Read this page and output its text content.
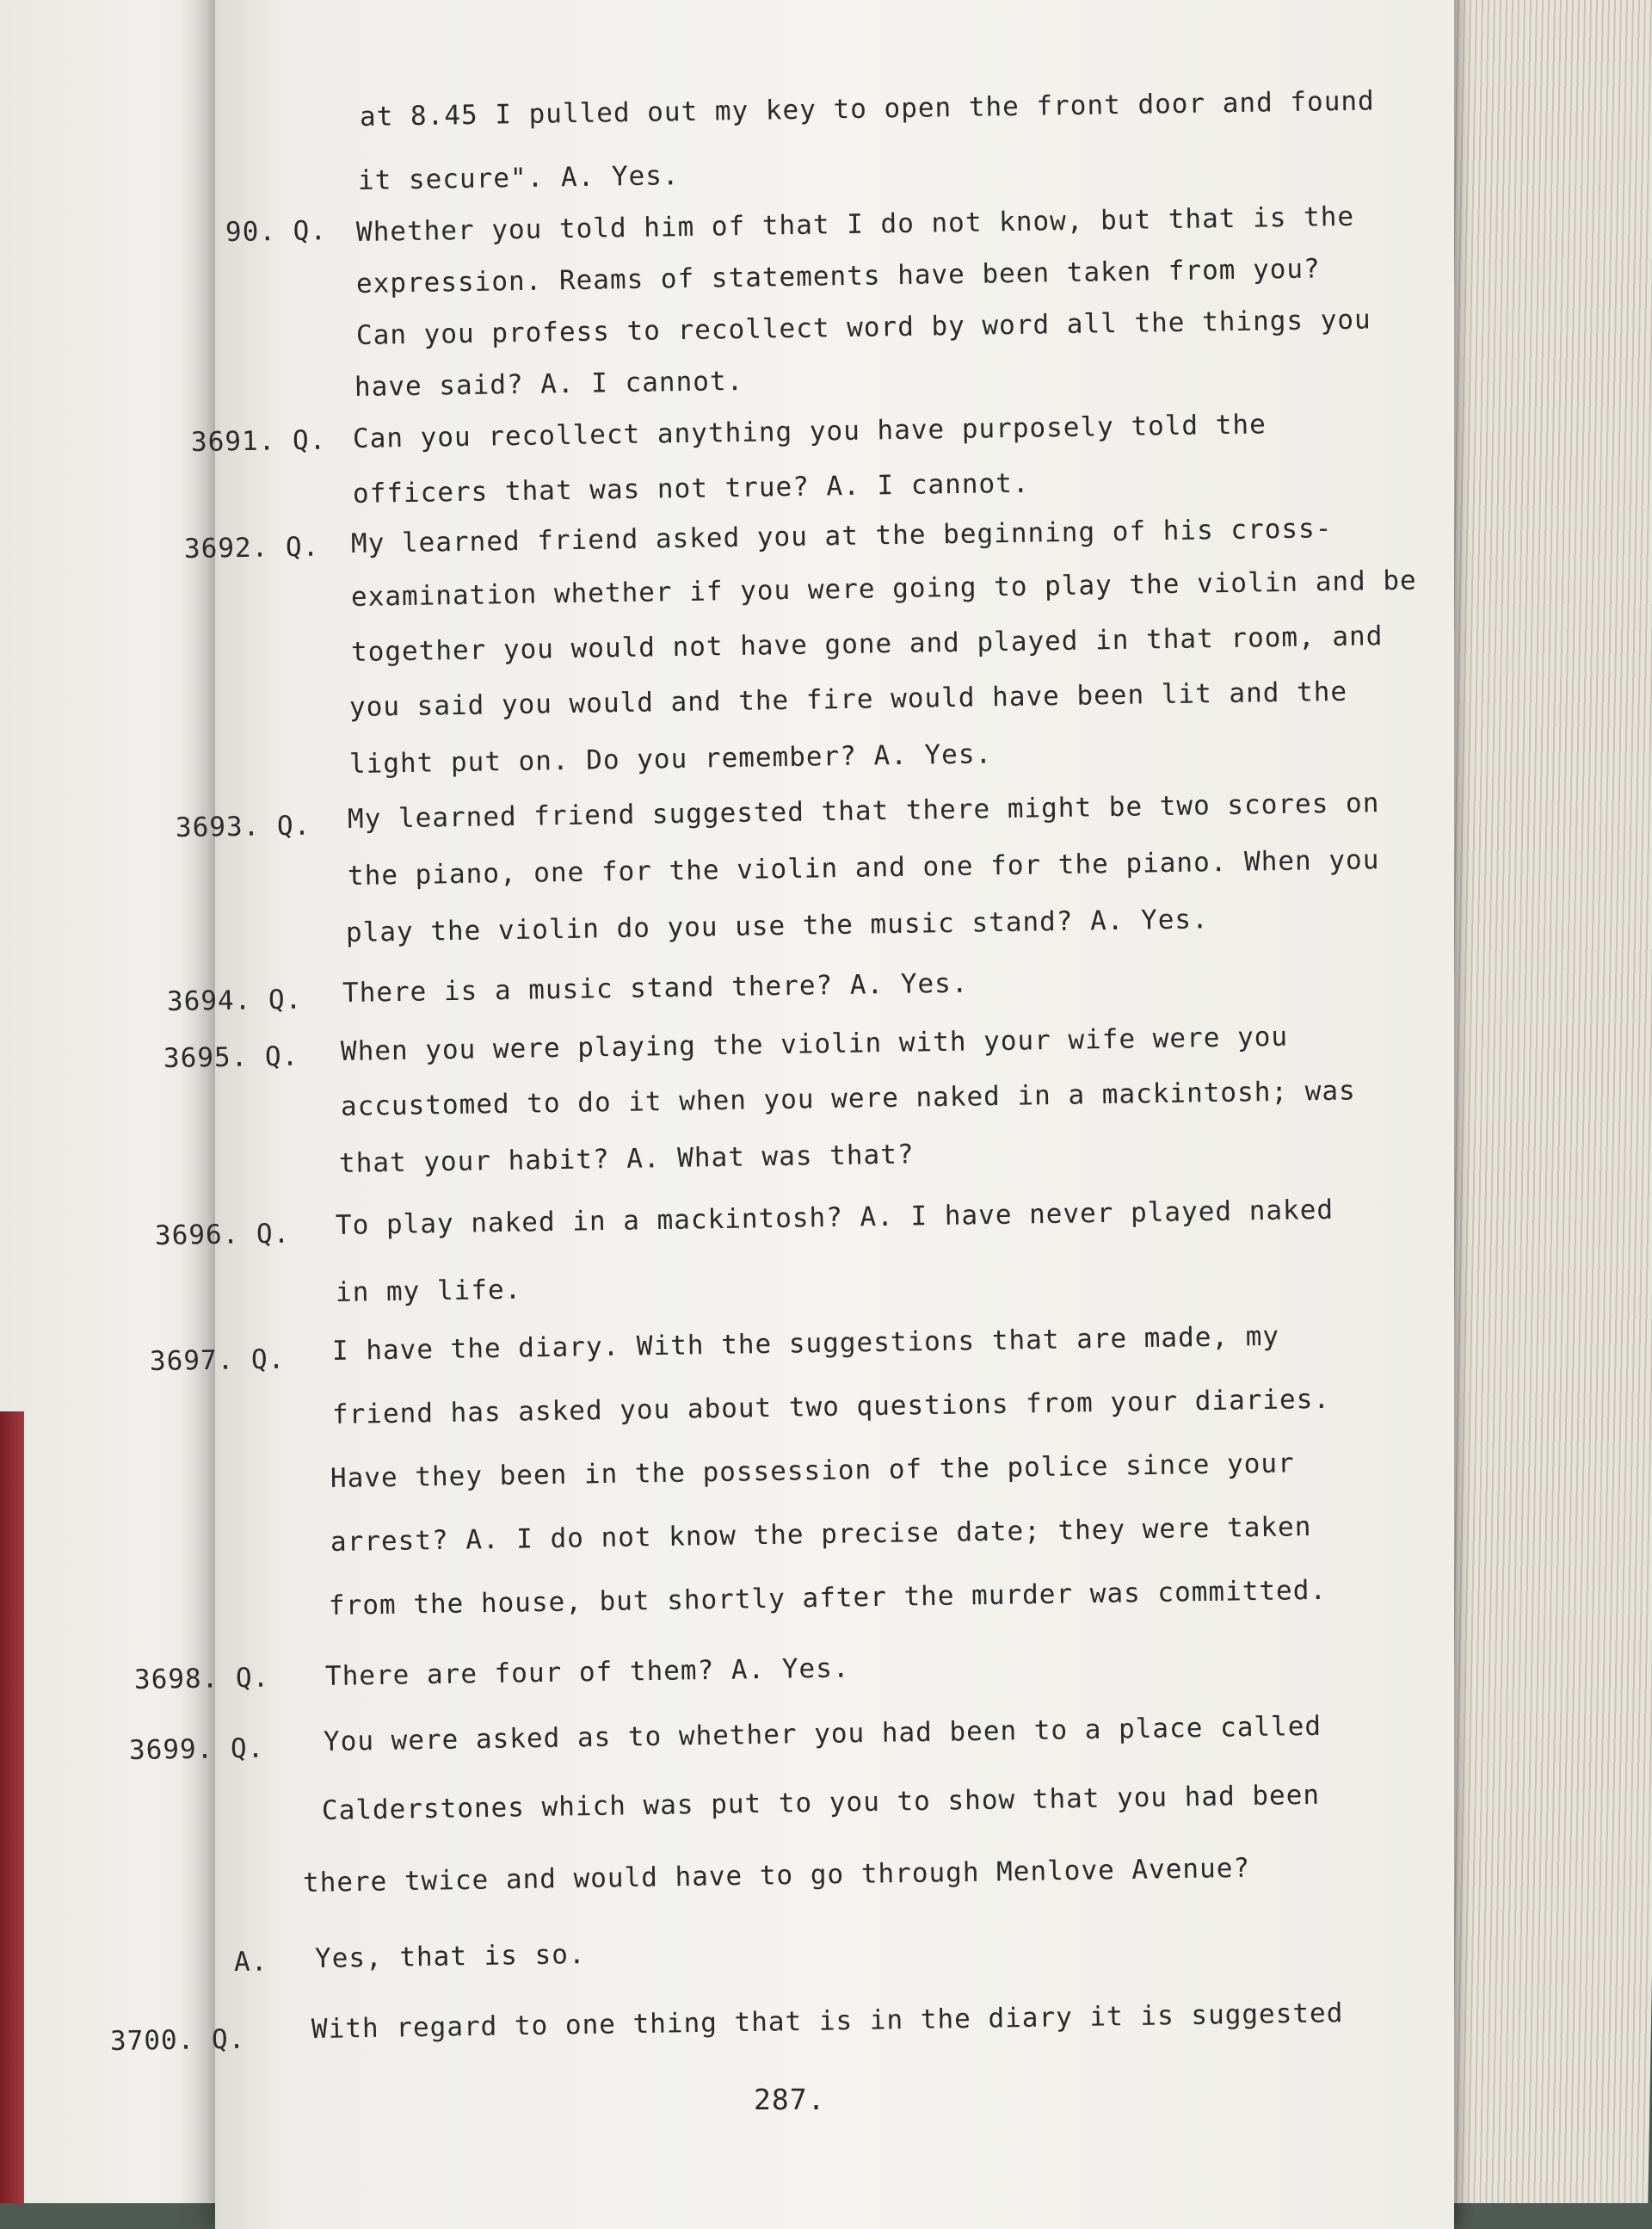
at 8.45 I pulled out my key to open the front door and found
it secure". A. Yes.
90. Q. Whether you told him of that I do not know, but that is the
expression. Reams of statements have been taken from you?
Can you profess to recollect word by word all the things you
have said? A. I cannot.
3691. Q. Can you recollect anything you have purposely told the
officers that was not true? A. I cannot.
3692. Q. My learned friend asked you at the beginning of his cross-
examination whether if you were going to play the violin and be
together you would not have gone and played in that room, and
you said you would and the fire would have been lit and the
light put on. Do you remember? A. Yes.
3693. Q. My learned friend suggested that there might be two scores on
the piano, one for the violin and one for the piano. When you
play the violin do you use the music stand? A. Yes.
3694. Q. There is a music stand there? A. Yes.
3695. Q. When you were playing the violin with your wife were you
accustomed to do it when you were naked in a mackintosh; was
that your habit? A. What was that?
3696. Q. To play naked in a mackintosh? A. I have never played naked
in my life.
3697. Q. I have the diary. With the suggestions that are made, my
friend has asked you about two questions from your diaries.
Have they been in the possession of the police since your
arrest? A. I do not know the precise date; they were taken
from the house, but shortly after the murder was committed.
3698. Q. There are four of them? A. Yes.
3699. Q. You were asked as to whether you had been to a place called
Calderstones which was put to you to show that you had been
there twice and would have to go through Menlove Avenue?
A. Yes, that is so.
3700. Q. With regard to one thing that is in the diary it is suggested
287.
